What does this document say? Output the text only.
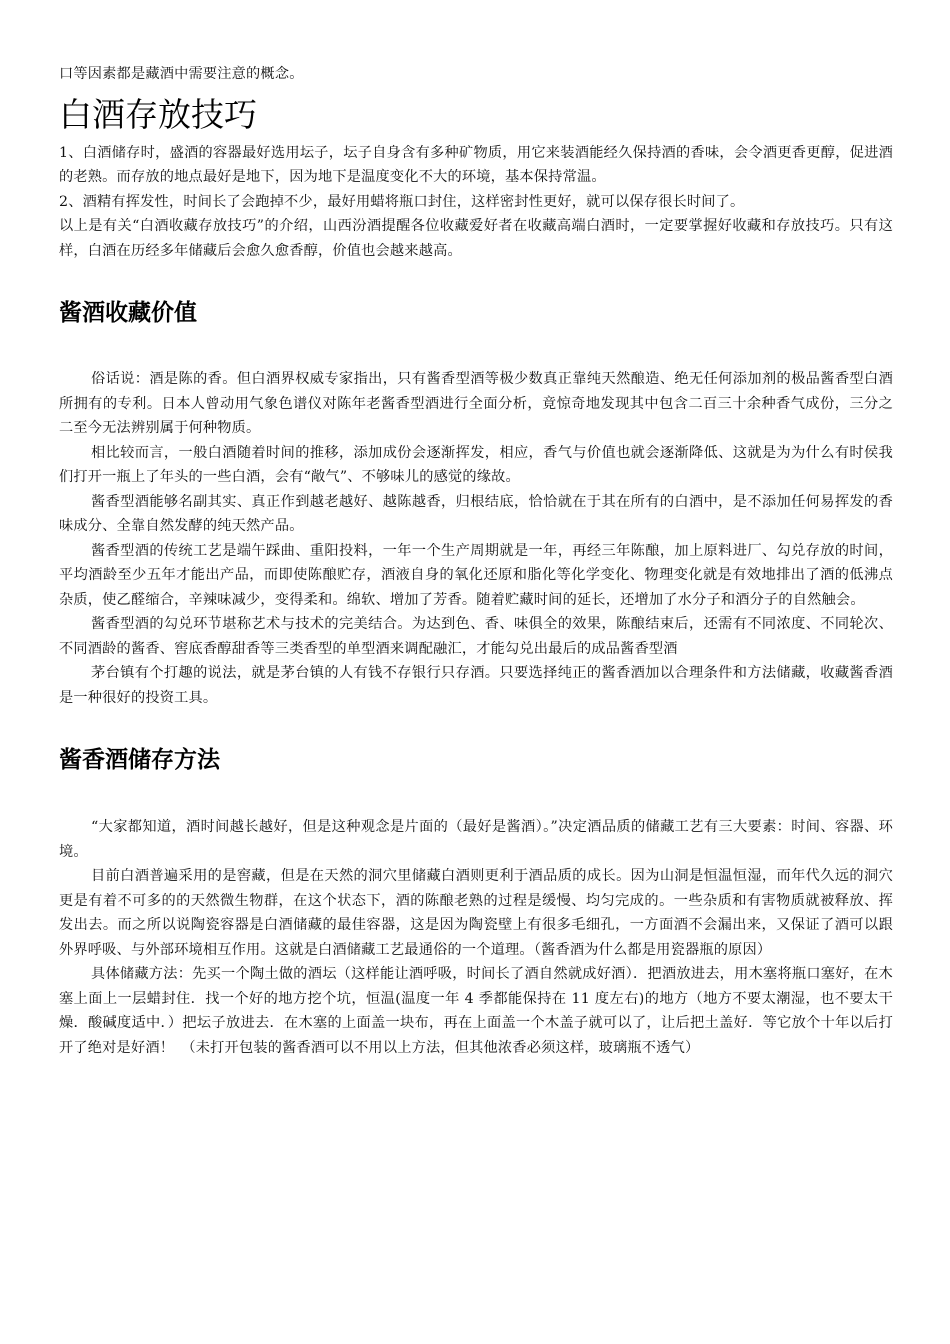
口等因素都是藏酒中需要注意的概念。

白酒存放技巧

1、白酒储存时，盛酒的容器最好选用坛子，坛子自身含有多种矿物质，用它来装酒能经久保持酒的香味，会令酒更香更醇，促进酒的老熟。而存放的地点最好是地下，因为地下是温度变化不大的环境，基本保持常温。

2、酒精有挥发性，时间长了会跑掉不少，最好用蜡将瓶口封住，这样密封性更好，就可以保存很长时间了。

以上是有关“白酒收藏存放技巧”的介绍，山西汾酒提醒各位收藏爱好者在收藏高端白酒时，一定要掌握好收藏和存放技巧。只有这样，白酒在历经多年储藏后会愈久愈香醇，价值也会越来越高。

酱酒收藏价值

俗话说：酒是陈的香。但白酒界权威专家指出，只有酱香型酒等极少数真正靠纯天然酿造、绝无任何添加剂的极品酱香型白酒所拥有的专利。日本人曾动用气象色谱仪对陈年老酱香型酒进行全面分析，竟惊奇地发现其中包含二百三十余种香气成份，三分之二至今无法辨别属于何种物质。

相比较而言，一般白酒随着时间的推移，添加成份会逐渐挥发，相应，香气与价值也就会逐渐降低、这就是为为什么有时侯我们打开一瓶上了年头的一些白酒，会有“敞气”、不够味儿的感觉的缘故。

酱香型酒能够名副其实、真正作到越老越好、越陈越香，归根结底，恰恰就在于其在所有的白酒中，是不添加任何易挥发的香味成分、全靠自然发酵的纯天然产品。

酱香型酒的传统工艺是端午踩曲、重阳投料，一年一个生产周期就是一年，再经三年陈酿，加上原料进厂、勾兑存放的时间，平均酒龄至少五年才能出产品，而即使陈酿贮存，酒液自身的氧化还原和脂化等化学变化、物理变化就是有效地排出了酒的低沸点杂质，使乙醛缩合，辛辣味减少，变得柔和。绵软、增加了芳香。随着贮藏时间的延长，还增加了水分子和酒分子的自然触会。

酱香型酒的勾兑环节堪称艺术与技术的完美结合。为达到色、香、味俱全的效果，陈酿结束后，还需有不同浓度、不同轮次、不同酒龄的酱香、窖底香醇甜香等三类香型的单型酒来调配融汇，才能勾兑出最后的成品酱香型酒

茅台镇有个打趣的说法，就是茅台镇的人有钱不存银行只存酒。只要选择纯正的酱香酒加以合理条件和方法储藏，收藏酱香酒是一种很好的投资工具。

酱香酒储存方法

“大家都知道，酒时间越长越好，但是这种观念是片面的（最好是酱酒）。”决定酒品质的储藏工艺有三大要素：时间、容器、环境。

目前白酒普遍采用的是窖藏，但是在天然的洞穴里储藏白酒则更利于酒品质的成长。因为山洞是恒温恒湿，而年代久远的洞穴更是有着不可多的的天然微生物群，在这个状态下，酒的陈酿老熟的过程是缓慢、均匀完成的。一些杂质和有害物质就被释放、挥发出去。而之所以说陶瓷容器是白酒储藏的最佳容器，这是因为陶瓷壁上有很多毛细孔，一方面酒不会漏出来，又保证了酒可以跟外界呼吸、与外部环境相互作用。这就是白酒储藏工艺最通俗的一个道理。（酱香酒为什么都是用瓷器瓶的原因）

具体储藏方法：先买一个陶土做的酒坛（这样能让酒呼吸，时间长了酒自然就成好酒）．把酒放进去，用木塞将瓶口塞好，在木塞上面上一层蜡封住．找一个好的地方挖个坑，恒温(温度一年 4 季都能保持在 11 度左右)的地方（地方不要太潮湿，也不要太干燥．酸碱度适中．）把坛子放进去．在木塞的上面盖一块布，再在上面盖一个木盖子就可以了，让后把土盖好．等它放个十年以后打开了绝对是好酒！　（未打开包装的酱香酒可以不用以上方法，但其他浓香必须这样，玻璃瓶不透气）
